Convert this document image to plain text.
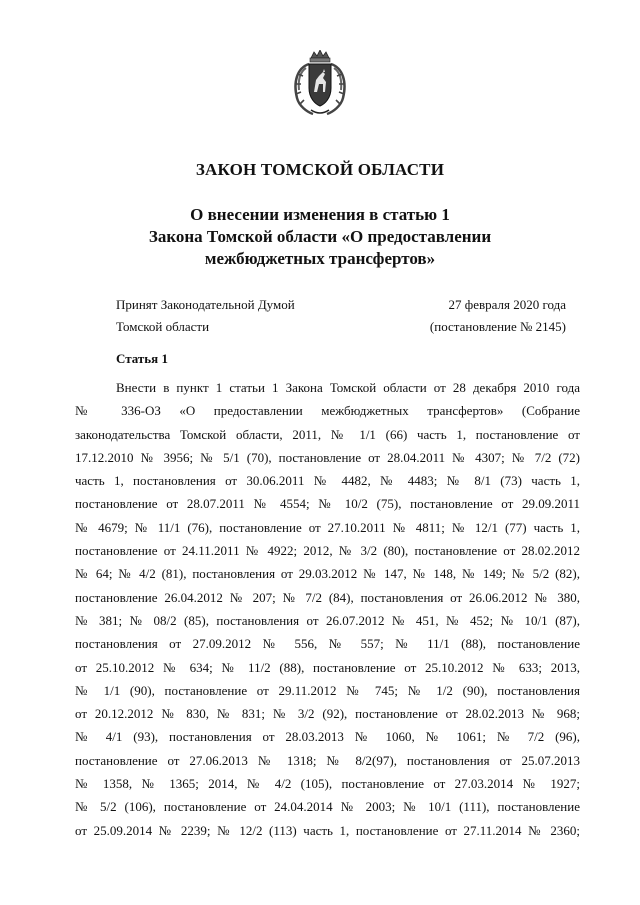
ЗАКОН ТОМСКОЙ ОБЛАСТИ
О внесении изменения в статью 1
Закона Томской области «О предоставлении
межбюджетных трансфертов»
Принят Законодательной Думой
Томской области
27 февраля 2020 года
(постановление № 2145)
Статья 1
Внести в пункт 1 статьи 1 Закона Томской области от 28 декабря 2010 года
№ 336-ОЗ «О предоставлении межбюджетных трансфертов» (Собрание
законодательства Томской области, 2011, № 1/1 (66) часть 1, постановление от
17.12.2010 № 3956; № 5/1 (70), постановление от 28.04.2011 № 4307; № 7/2 (72)
часть 1, постановления от 30.06.2011 № 4482, № 4483; № 8/1 (73) часть 1,
постановление от 28.07.2011 № 4554; № 10/2 (75), постановление от 29.09.2011
№ 4679; № 11/1 (76), постановление от 27.10.2011 № 4811; № 12/1 (77) часть 1,
постановление от 24.11.2011 № 4922; 2012, № 3/2 (80), постановление от 28.02.2012
№ 64; № 4/2 (81), постановления от 29.03.2012 № 147, № 148, № 149; № 5/2 (82),
постановление 26.04.2012 № 207; № 7/2 (84), постановления от 26.06.2012 № 380,
№ 381; № 08/2 (85), постановления от 26.07.2012 № 451, № 452; № 10/1 (87),
постановления от 27.09.2012 № 556, № 557; № 11/1 (88), постановление
от 25.10.2012 № 634; № 11/2 (88), постановление от 25.10.2012 № 633; 2013,
№ 1/1 (90), постановление от 29.11.2012 № 745; № 1/2 (90), постановления
от 20.12.2012 № 830, № 831; № 3/2 (92), постановление от 28.02.2013 № 968;
№ 4/1 (93), постановления от 28.03.2013 № 1060, № 1061; № 7/2 (96),
постановление от 27.06.2013 № 1318; № 8/2(97), постановления от 25.07.2013
№ 1358, № 1365; 2014, № 4/2 (105), постановление от 27.03.2014 № 1927;
№ 5/2 (106), постановление от 24.04.2014 № 2003; № 10/1 (111), постановление
от 25.09.2014 № 2239; № 12/2 (113) часть 1, постановление от 27.11.2014 № 2360;
